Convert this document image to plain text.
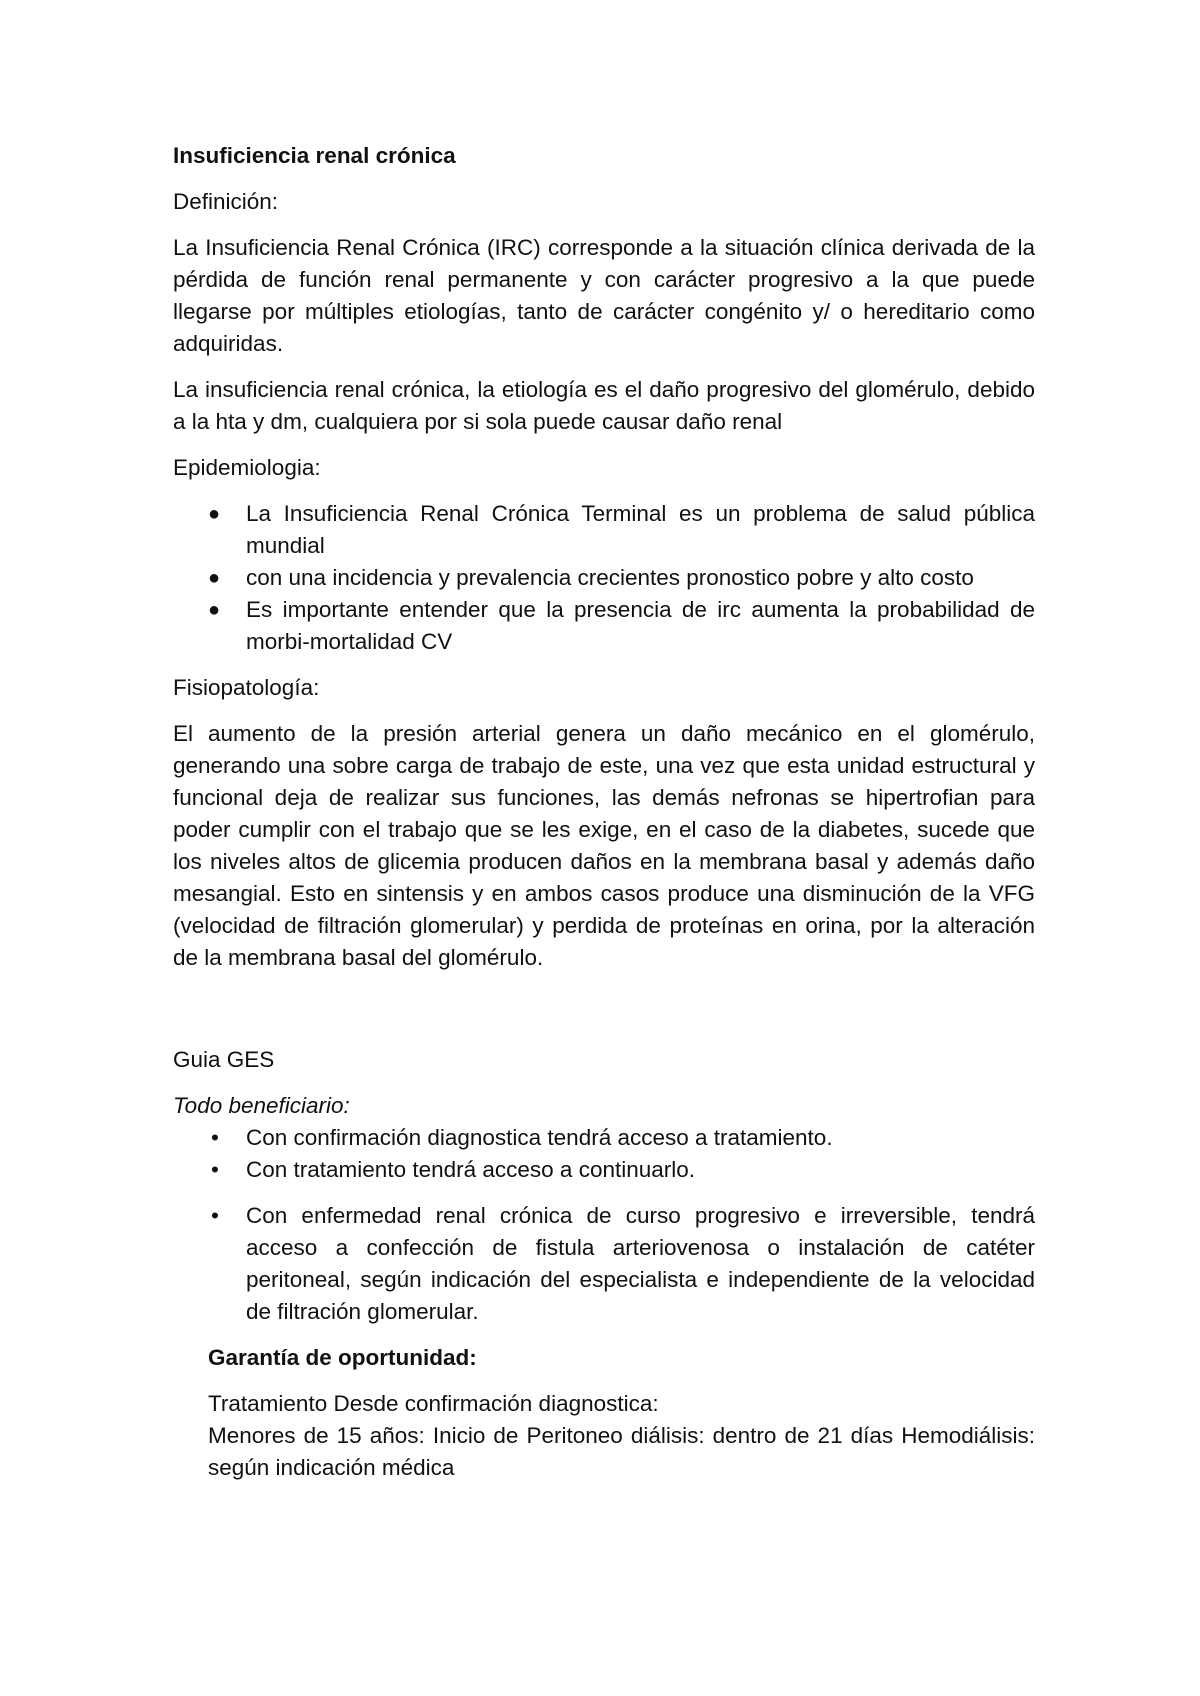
Insuficiencia renal crónica
Definición:

La Insuficiencia Renal Crónica (IRC) corresponde a la situación clínica derivada de la pérdida de función renal permanente y con carácter progresivo a la que puede llegarse por múltiples etiologías, tanto de carácter congénito y/ o hereditario como adquiridas.

La insuficiencia renal crónica, la etiología es el daño progresivo del glomérulo, debido a la hta y dm, cualquiera por si sola puede causar daño renal

Epidemiologia:
● La Insuficiencia Renal Crónica Terminal es un problema de salud pública mundial
● con una incidencia y prevalencia crecientes pronostico pobre y alto costo
● Es importante entender que la presencia de irc aumenta la probabilidad de morbi-mortalidad CV
Fisiopatología:

El aumento de la presión arterial genera un daño mecánico en el glomérulo, generando una sobre carga de trabajo de este, una vez que esta unidad estructural y funcional deja de realizar sus funciones, las demás nefronas se hipertrofian para poder cumplir con el trabajo que se les exige, en el caso de la diabetes, sucede que los niveles altos de glicemia producen daños en la membrana basal y además daño mesangial. Esto en sintensis y en ambos casos produce una disminución de la VFG (velocidad de filtración glomerular) y perdida de proteínas en orina, por la alteración de la membrana basal del glomérulo.

Guia GES
Todo beneficiario:
• Con confirmación diagnostica tendrá acceso a tratamiento.
• Con tratamiento tendrá acceso a continuarlo.
• Con enfermedad renal crónica de curso progresivo e irreversible, tendrá acceso a confección de fistula arteriovenosa o instalación de catéter peritoneal, según indicación del especialista e independiente de la velocidad de filtración glomerular.
Garantía de oportunidad:
Tratamiento Desde confirmación diagnostica:
Menores de 15 años: Inicio de Peritoneo diálisis: dentro de 21 días Hemodiálisis: según indicación médica
